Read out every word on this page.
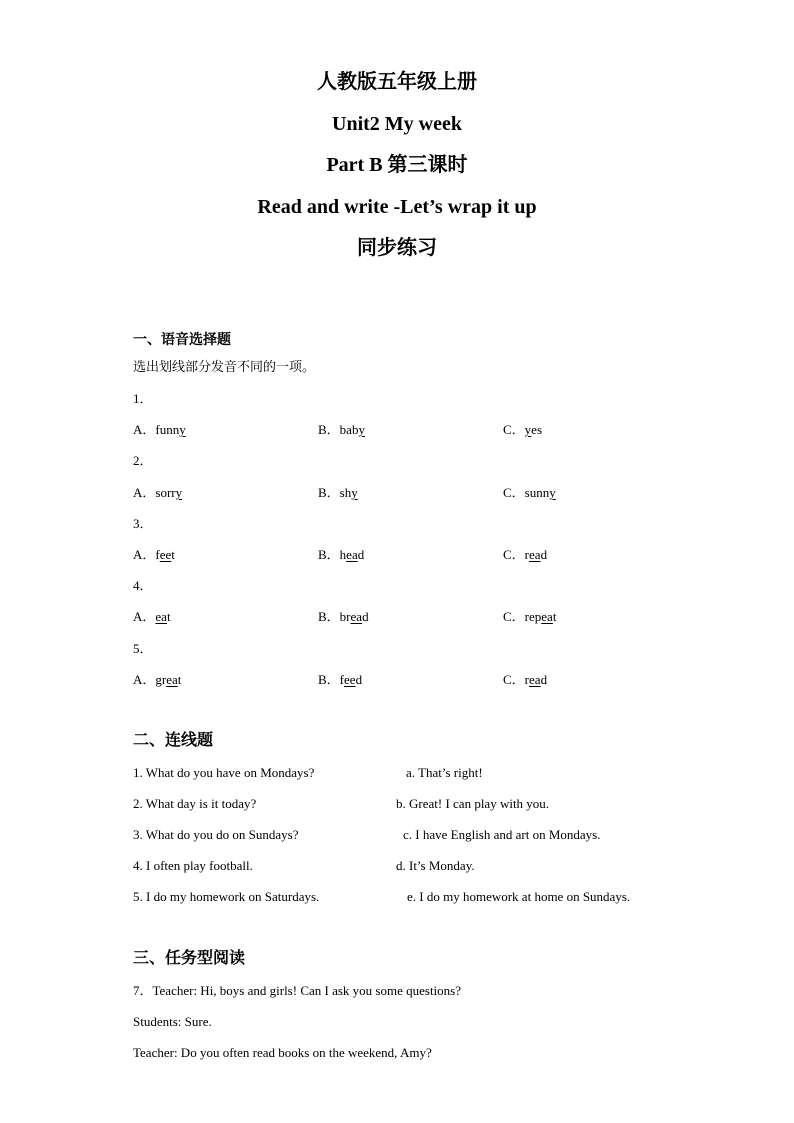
人教版五年级上册
Unit2 My week
Part B 第三课时
Read and write -Let’s wrap it up
同步练习
一、语音选择题
选出划线部分发音不同的一项。
1．
A．funny	B．baby	C．yes
2．
A．sorry	B．shy	C．sunny
3．
A．feet	B．head	C．read
4．
A．eat	B．bread	C．repeat
5．
A．great	B．feed	C．read
二、连线题
1. What do you have on Mondays?	a. That’s right!
2. What day is it today?	b. Great! I can play with you.
3. What do you do on Sundays?	c. I have English and art on Mondays.
4. I often play football.	d. It’s Monday.
5. I do my homework on Saturdays.	e. I do my homework at home on Sundays.
三、任务型阅读
7．Teacher: Hi, boys and girls! Can I ask you some questions?
Students: Sure.
Teacher: Do you often read books on the weekend, Amy?
